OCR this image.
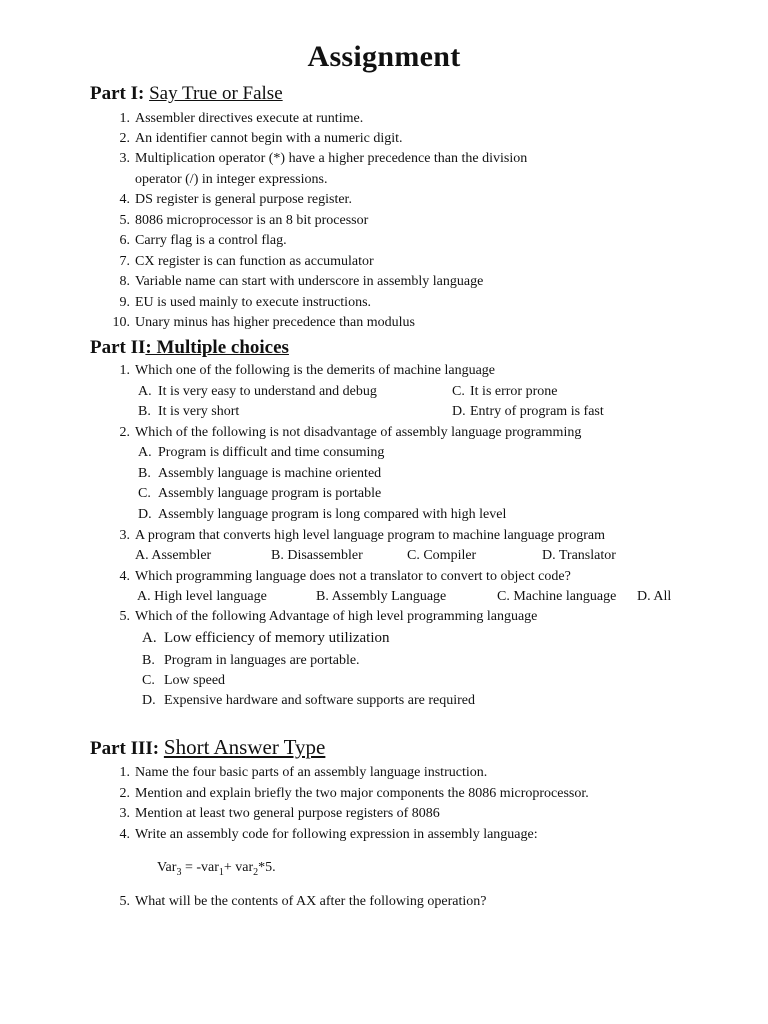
Assignment
Part I: Say True or False
1. Assembler directives execute at runtime.
2. An identifier cannot begin with a numeric digit.
3. Multiplication operator (*) have a higher precedence than the division
operator (/) in integer expressions.
4. DS register is general purpose register.
5. 8086 microprocessor is an 8 bit processor
6. Carry flag is a control flag.
7. CX register is can function as accumulator
8. Variable name can start with underscore in assembly language
9. EU is used mainly to execute instructions.
10. Unary minus has higher precedence than modulus
Part II: Multiple choices
1. Which one of the following is the demerits of machine language
A. It is very easy to understand and debug	C. It is error prone
B. It is very short	D. Entry of program is fast
2. Which of the following is not disadvantage of assembly language programming
A. Program is difficult and time consuming
B. Assembly language is machine oriented
C. Assembly language program is portable
D. Assembly language program is long compared with high level
3. A program that converts high level language program to machine language program
A. Assembler	B. Disassembler	C. Compiler	D. Translator
4. Which programming language does not a translator to convert to object code?
A. High level language	B. Assembly Language	C. Machine language D. All
5. Which of the following Advantage of high level programming language
A. Low efficiency of memory utilization
B. Program in languages are portable.
C. Low speed
D. Expensive hardware and software supports are required
Part III: Short Answer Type
1. Name the four basic parts of an assembly language instruction.
2. Mention and explain briefly the two major components the 8086 microprocessor.
3. Mention at least two general purpose registers of 8086
4. Write an assembly code for following expression in assembly language:
Var$_3$ = -var$_1$+ var$_2$*5.
5. What will be the contents of AX after the following operation?
